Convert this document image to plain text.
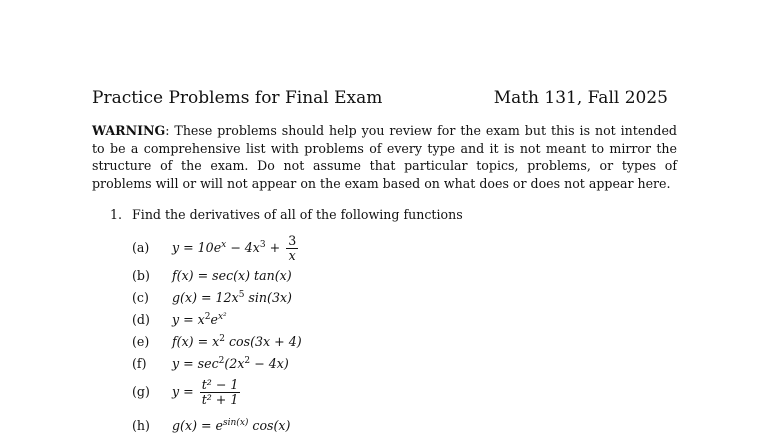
Practice Problems for Final Exam	Math 131, Fall 2025
WARNING: These problems should help you review for the exam but this is not intended to be a comprehensive list with problems of every type and it is not meant to mirror the structure of the exam. Do not assume that particular topics, problems, or types of problems will or will not appear on the exam based on what does or does not appear here.
1. Find the derivatives of all of the following functions
(a) $y = 10e^x - 4x^3 + \frac{3}{x}$
(b) f(x) = sec(x) tan(x)
(c) $g(x) = 12x^5$ sin(3x)
(d) $y = x^2e^{x^2}$
(e) $f(x) = x^2$ cos(3x + 4)
(f) $y = \sec^2(2x^2 - 4x)$
(g) $y = \frac{\text{t² − 1}}{\text{t² + 1}}$
(h) $g(x) = e^{sin(x)}$ cos(x)
